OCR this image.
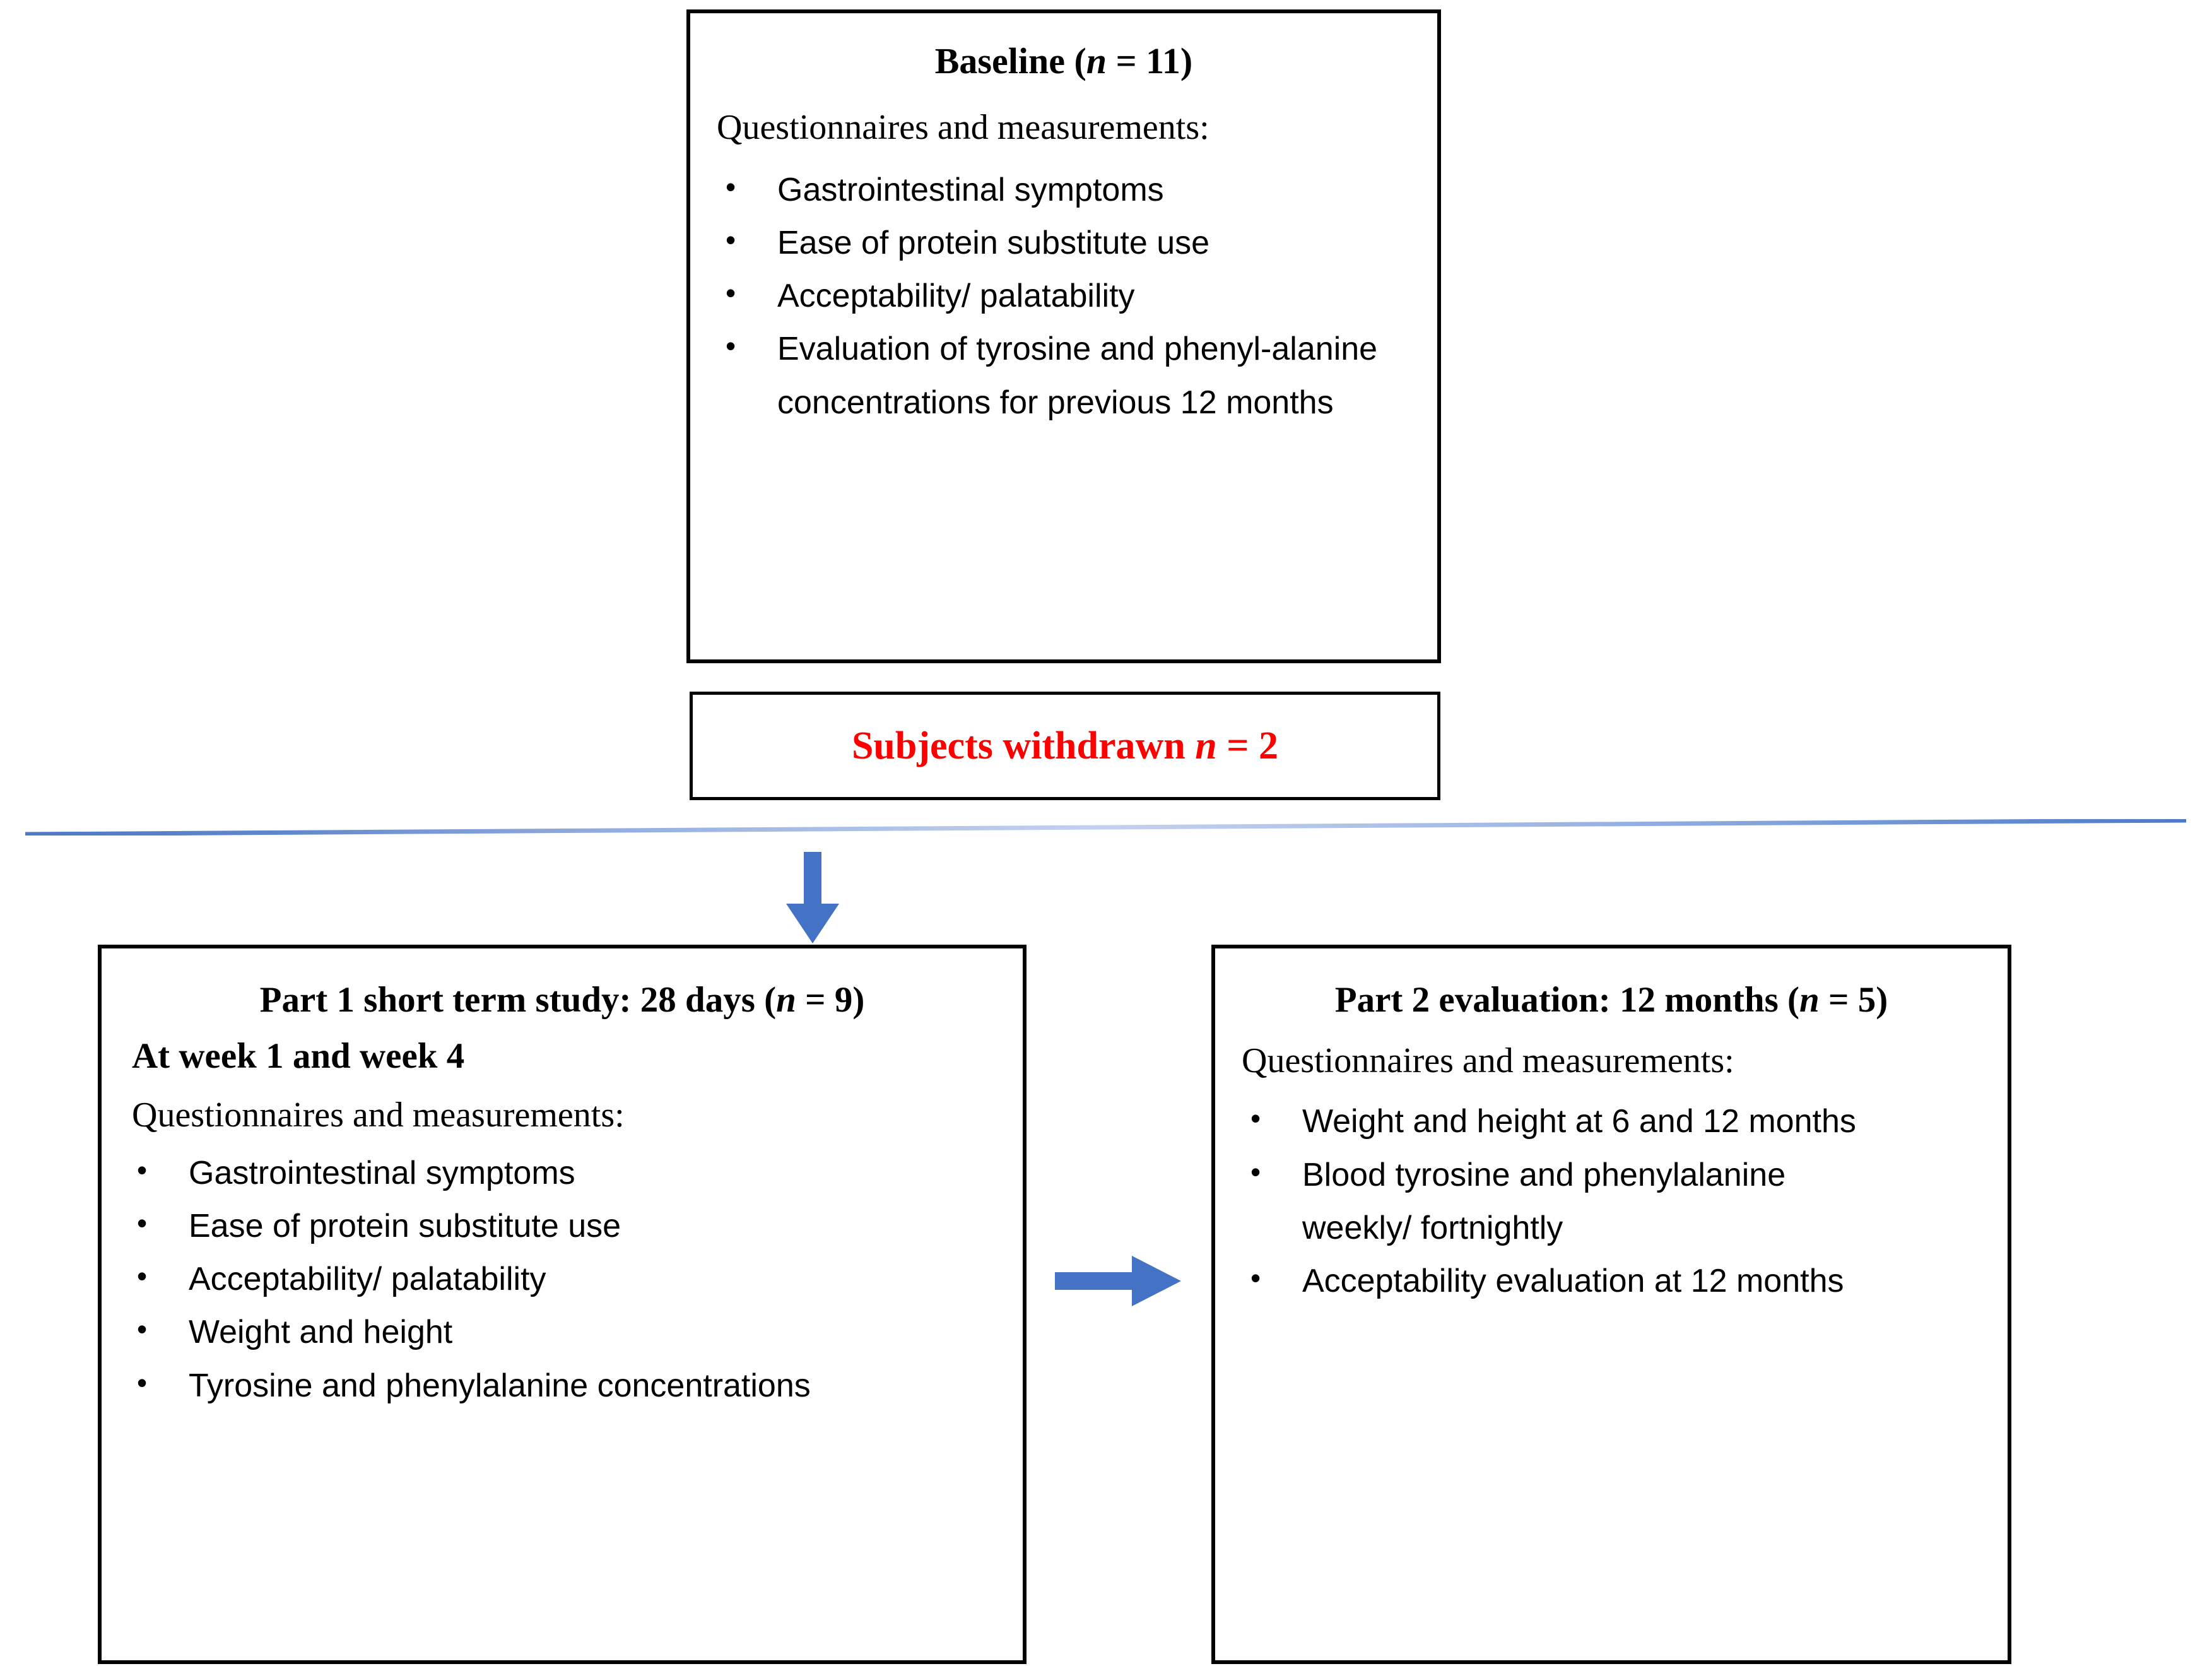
Baseline (n = 11)
Questionnaires and measurements:
• Gastrointestinal symptoms
• Ease of protein substitute use
• Acceptability/ palatability
• Evaluation of tyrosine and phenyl-alanine concentrations for previous 12 months
Subjects withdrawn n = 2
Part 1 short term study: 28 days (n = 9)
At week 1 and week 4
Questionnaires and measurements:
• Gastrointestinal symptoms
• Ease of protein substitute use
• Acceptability/ palatability
• Weight and height
• Tyrosine and phenylalanine concentrations
Part 2 evaluation: 12 months (n = 5)
Questionnaires and measurements:
• Weight and height at 6 and 12 months
• Blood tyrosine and phenylalanine weekly/ fortnightly
• Acceptability evaluation at 12 months
